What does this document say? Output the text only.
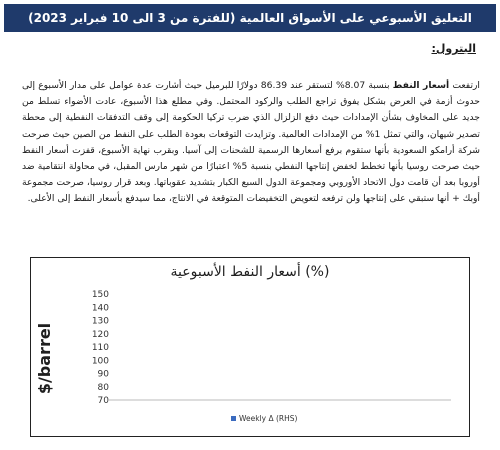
التعليق الأسبوعي على الأسواق العالمية (للفترة من 3 الى 10 فبراير 2023)
البترول:
ارتفعت أسعار النفط بنسبة 8.07% لتستقر عند 86.39 دولارًا للبرميل حيث أشارت عدة عوامل على مدار الأسبوع إلى حدوث أزمة في العرض بشكل يفوق تراجع الطلب والركود المحتمل. وفي مطلع هذا الأسبوع، عادت الأضواء تسلط من جديد على المخاوف بشأن الإمدادات حيث دفع الزلزال الذي ضرب تركيا الحكومة إلى وقف التدفقات النفطية إلى محطة تصدير شيهان، والتي تمثل 1% من الإمدادات العالمية. وتزايدت التوقعات بعودة الطلب على النفط من الصين حيث صرحت شركة أرامكو السعودية بأنها ستقوم برفع أسعارها الرسمية للشحنات إلى آسيا. وبقرب نهاية الأسبوع، قفزت أسعار النفط حيث صرحت روسيا بأنها تخطط لخفض إنتاجها النفطي بنسبة 5% اعتبارًا من شهر مارس المقبل، في محاولة انتقامية ضد أوروبا بعد أن قامت دول الاتحاد الأوروبي ومجموعة الدول السبع الكبار بتشديد عقوباتها. وبعد قرار روسيا، صرحت مجموعة أوبك + أنها ستبقي على إنتاجها ولن ترفعه لتعويض التخفيضات المتوقعة في الانتاج، مما سيدفع بأسعار النفط إلى الأعلى.
أسعار النفط الأسبوعية (%)
$/barrel
70
80
90
100
110
120
130
140
150
Weekly Δ (RHS)
